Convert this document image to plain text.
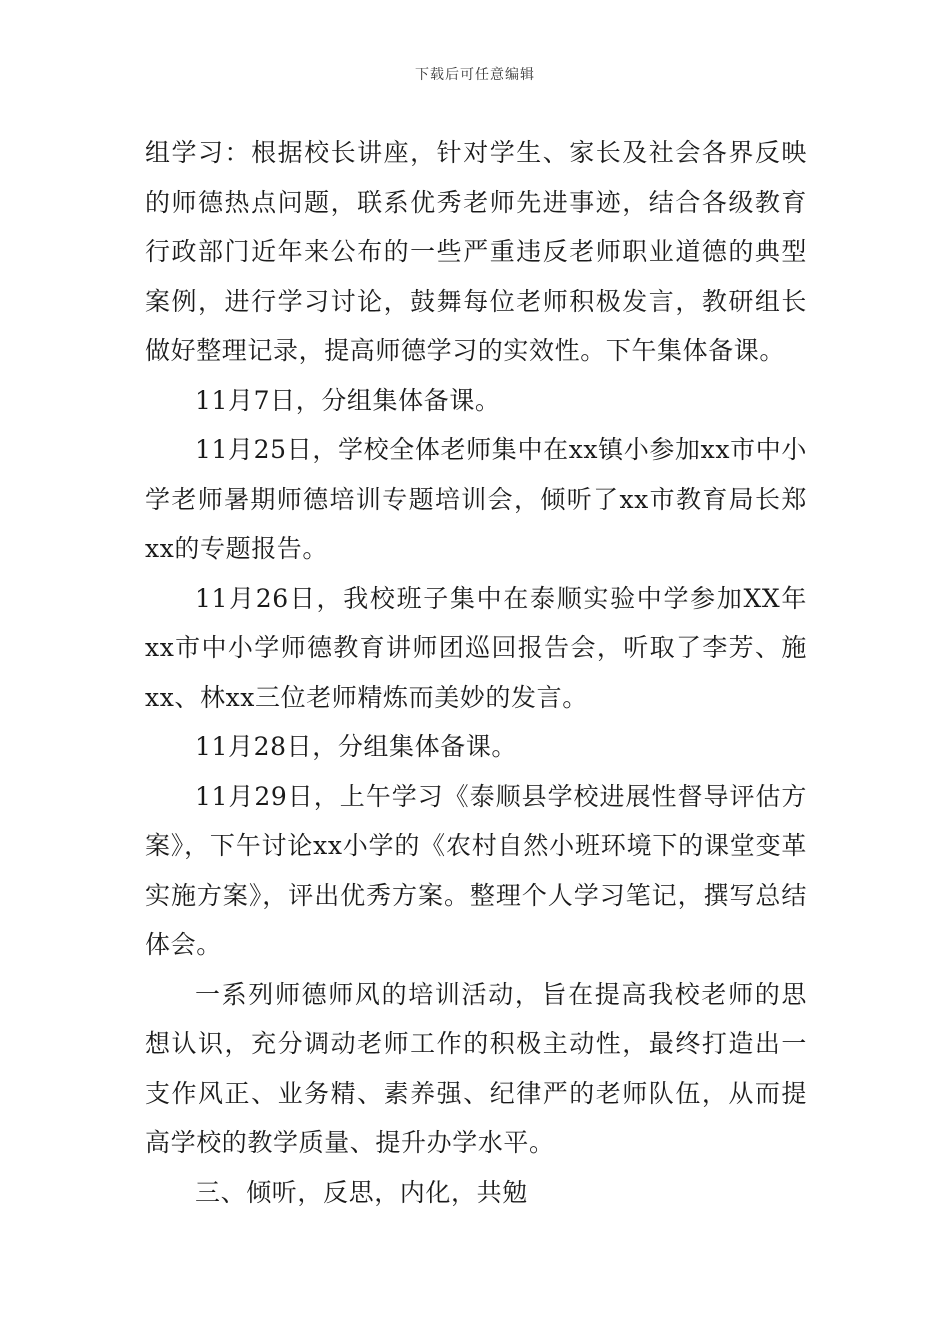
下载后可任意编辑

组学习：根据校长讲座，针对学生、家长及社会各界反映的师德热点问题，联系优秀老师先进事迹，结合各级教育行政部门近年来公布的一些严重违反老师职业道德的典型案例，进行学习讨论，鼓舞每位老师积极发言，教研组长做好整理记录，提高师德学习的实效性。下午集体备课。

11月7日，分组集体备课。

11月25日，学校全体老师集中在xx镇小参加xx市中小学老师暑期师德培训专题培训会，倾听了xx市教育局长郑xx的专题报告。

11月26日，我校班子集中在泰顺实验中学参加XX年xx市中小学师德教育讲师团巡回报告会，听取了李芳、施xx、林xx三位老师精炼而美妙的发言。

11月28日，分组集体备课。

11月29日，上午学习《泰顺县学校进展性督导评估方案》，下午讨论xx小学的《农村自然小班环境下的课堂变革实施方案》，评出优秀方案。整理个人学习笔记，撰写总结体会。

一系列师德师风的培训活动，旨在提高我校老师的思想认识，充分调动老师工作的积极主动性，最终打造出一支作风正、业务精、素养强、纪律严的老师队伍，从而提高学校的教学质量、提升办学水平。

三、倾听，反思，内化，共勉
